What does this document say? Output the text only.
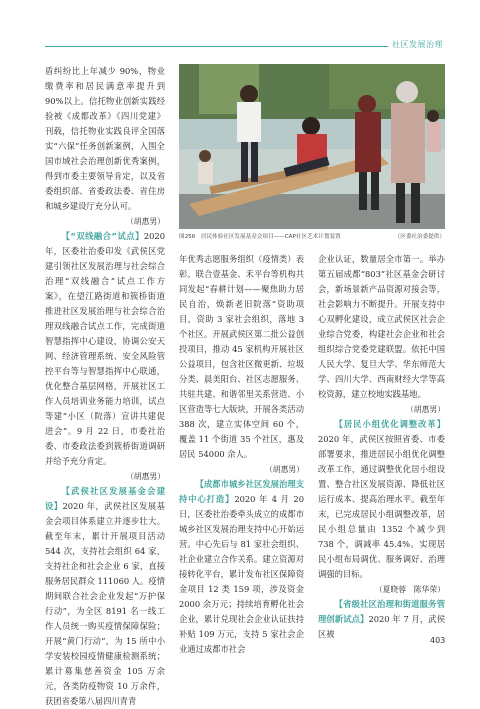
社区发展治理

盾纠纷比上年减少 90%，物业缴费率和居民满意率提升到 90%以上。信托物业创新实践经验被《成都改革》《四川党建》刊载，信托物业实践良评全国落实“六保”任务创新案例，入围全国市域社会治理创新优秀案例，得到市委主要领导肯定，以及省委组织部、省委政法委、省住房和城乡建设厅充分认可。

（胡惠男）

【“双线融合”试点】2020 年，区委社治委印发《武侯区党建引领社区发展治理与社会综合治理“双线融合”试点工作方案》，在望江路街道和簇桥街道推进社区发展治理与社会综合治理双线融合试点工作，完成街道智慧指挥中心建设，协调公安天网、经济管理系统、安全风险管控平台等与智慧指挥中心联通，优化整合基层网格，开展社区工作人员培训业务能力培训，试点等建“小区（院落）宣讲共建促进会”。9 月 22 日，市委社治委、市委政法委到簇桥街道调研并给予充分肯定。

（胡惠男）

【武侯社区发展基金会建设】2020 年，武侯社区发展基金会项目体系建立并逐步壮大。截至年末，累计开展项目活动 544 次，支持社会组织 64 家，支持社企和社会企业 6 家，直接服务居民群众 111060 人。疫情期间联合社会企业发起“万护保行动”，为全区 8191 名一线工作人员统一购买疫情保障保险；开展“黄门行动”，为 15 所中小学安装校园疫情健康检测系统；累计募集慈善资金 105 万余元，各类防疫物资 10 万余件，获团省委第八届四川青青

图256　居民体验社区发展基金会项目——CAP社区艺术计划装置	（区委社治委提供）

年优秀志愿服务组织（疫情类）表彰。联合壹基金、禾平台等机构共同发起“春耕计划——聚焦助力居民自治，焕新老旧院落”资助项目，资助 3 家社会组织，落地 3 个社区。开展武侯区第二批公益创投项目，推动 45 家机构开展社区公益项目，包含社区微更新、垃圾分类、晨美阳台、社区志愿服务、共驻共建、和谐邻里关系营造、小区营造等七大版块，开展各类活动 388 次，建立实体空间 60 个，覆盖 11 个街道 35 个社区，惠及居民 54000 余人。

（胡惠男）

【成都市城乡社区发展治理支持中心打造】2020 年 4 月 20 日，区委社治委牵头成立的成都市城乡社区发展治理支持中心开始运营。中心先后与 81 家社会组织、社企业建立合作关系。建立资源对接转化平台，累计发布社区保障资金项目 12 类 159 项，涉及资金 2000 余万元；持续培育孵化社会企业，累计兑现社会企业认证扶持补贴 109 万元，支持 5 家社会企业通过成都市社会

企业认证，数量居全市第一。举办第五届成都“803”社区基金会研讨会，新场景新产品资源对接会等，社会影响力不断提升。开展支持中心双孵化建设，成立武侯区社会企业综合党委，构建社会企业和社会组织综合党委党建联盟。依托中国人民大学、复旦大学、华东师范大学、四川大学、西南财经大学等高校资源，建立校地实践基地。

（胡惠男）

【居民小组优化调整改革】2020 年，武侯区按照省委、市委部署要求，推进居民小组优化调整改革工作，通过调整优化居小组设置、整合社区发展资源、降低社区运行成本、提高治理水平。截至年末，已完成居民小组调整改革，居民小组总量由 1352 个减少到 738 个，调减率 45.4%。实现居民小组布局调优、服务调好、治理调强的目标。

（夏晓蓉　陈华荣）

【省级社区治理和街道服务管理创新试点】2020 年 7 月，武侯区被

403
